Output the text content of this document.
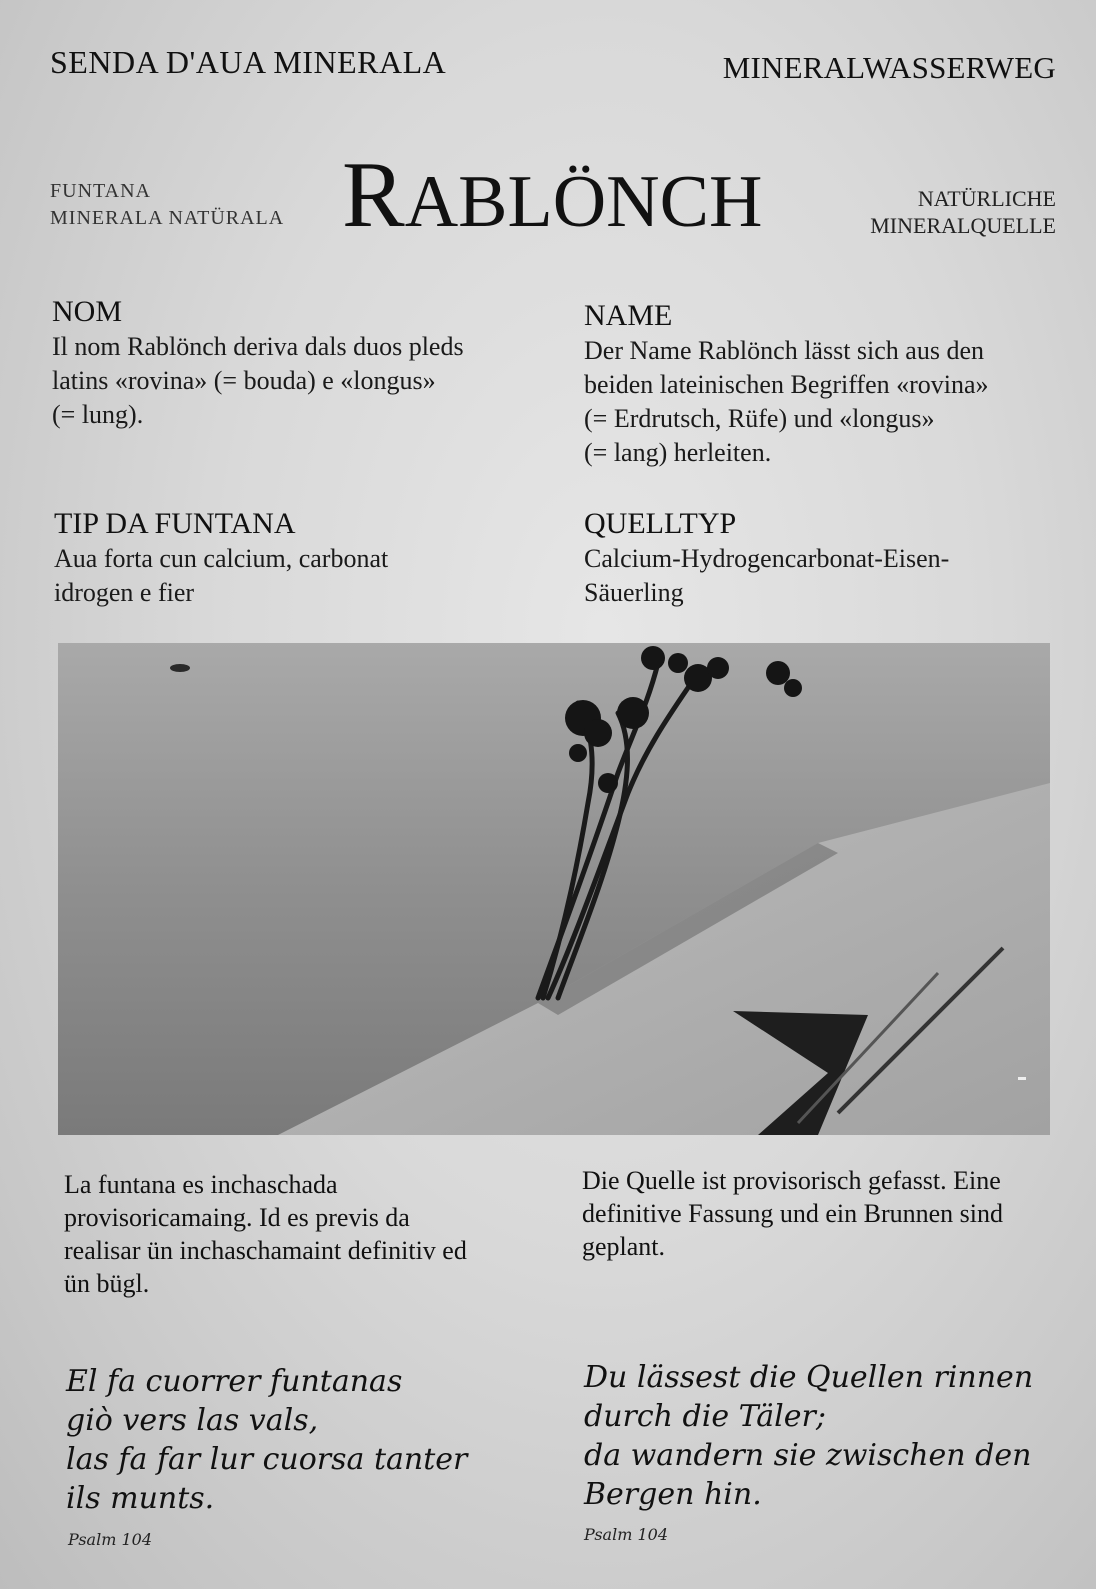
SENDA D'AUA MINERALA	MINERALWASSERWEG
FUNTANA
MINERALA NATÜRALA RABLÖNCH	NATÜRLICHE
MINERALQUELLE
NOM
Il nom Rablönch deriva dals duos pleds
latins «rovina» (= bouda) e «longus»
(= lung).
NAME
Der Name Rablönch lässt sich aus den
beiden lateinischen Begriffen «rovina»
(= Erdrutsch, Rüfe) und «longus»
(= lang) herleiten.
TIP DA FUNTANA
Aua forta cun calcium, carbonat
idrogen e fier
QUELLTYP
Calcium-Hydrogencarbonat-Eisen-
Säuerling
La funtana es inchaschada
provisoricamaing. Id es previs da
realisar ün inchaschamaint definitiv ed
ün bügl.
Die Quelle ist provisorisch gefasst. Eine
definitive Fassung und ein Brunnen sind
geplant.
El fa cuorrer funtanas
giò vers las vals,
las fa far lur cuorsa tanter
ils munts.
Psalm 104
Du lässest die Quellen rinnen
durch die Täler;
da wandern sie zwischen den
Bergen hin.
Psalm 104
